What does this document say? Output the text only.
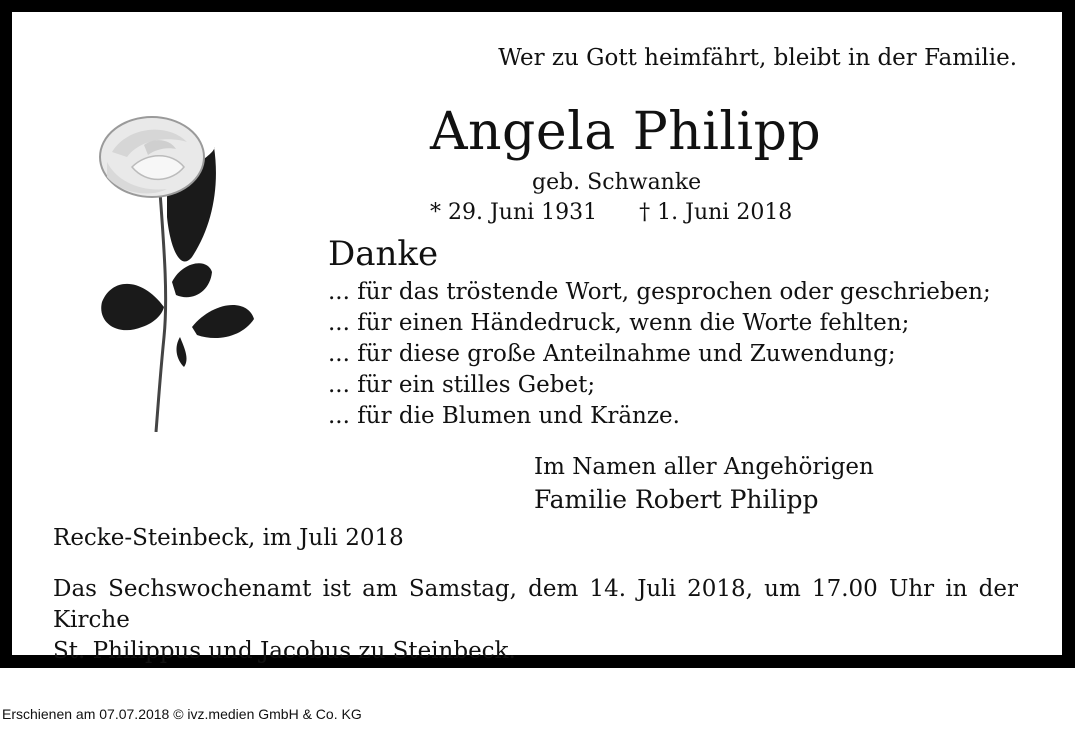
Wer zu Gott heimfährt, bleibt in der Familie.
Angela Philipp
geb. Schwanke
* 29. Juni 1931 † 1. Juni 2018
Danke
... für das tröstende Wort, gesprochen oder geschrieben;
... für einen Händedruck, wenn die Worte fehlten;
... für diese große Anteilnahme und Zuwendung;
... für ein stilles Gebet;
... für die Blumen und Kränze.
Im Namen aller Angehörigen
Familie Robert Philipp
Recke-Steinbeck, im Juli 2018
Das Sechswochenamt ist am Samstag, dem 14. Juli 2018, um 17.00 Uhr in der Kirche
St. Philippus und Jacobus zu Steinbeck.
Erschienen am 07.07.2018 © ivz.medien GmbH & Co. KG
